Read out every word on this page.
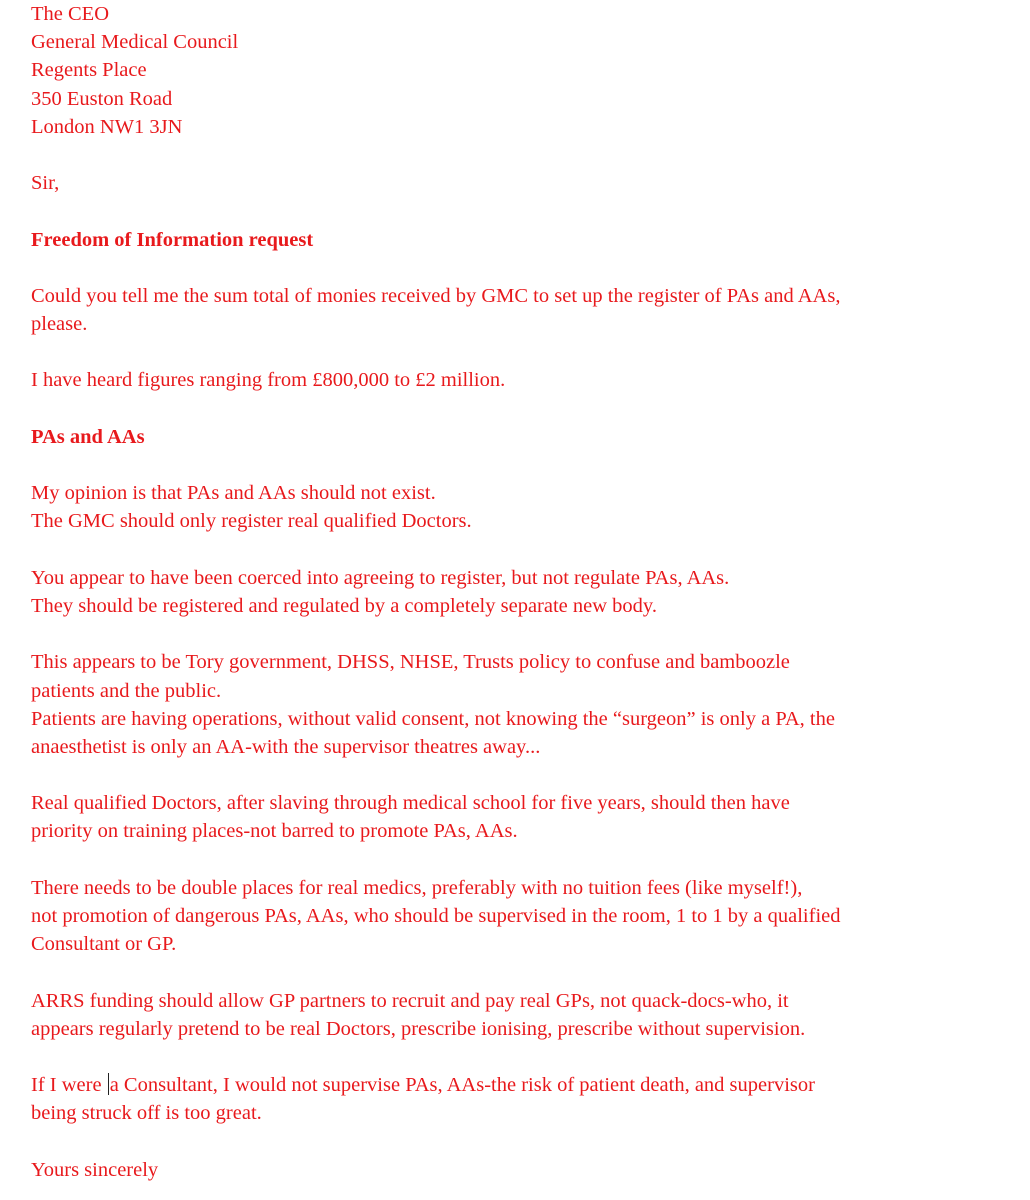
The CEO
General Medical Council
Regents Place
350 Euston Road
London NW1 3JN
Sir,
Freedom of Information request
Could you tell me the sum total of monies received by GMC to set up the register of PAs and AAs,
please.
I have heard figures ranging from £800,000 to £2 million.
PAs and AAs
My opinion is that PAs and AAs should not exist.
The GMC should only register real qualified Doctors.
You appear to have been coerced into agreeing to register, but not regulate PAs, AAs.
They should be registered and regulated by a completely separate new body.
This appears to be Tory government, DHSS, NHSE, Trusts policy to confuse and bamboozle
patients and the public.
Patients are having operations, without valid consent, not knowing the “surgeon” is only a PA, the
anaesthetist is only an AA-with the supervisor theatres away...
Real qualified Doctors, after slaving through medical school for five years, should then have
priority on training places-not barred to promote PAs, AAs.
There needs to be double places for real medics, preferably with no tuition fees (like myself!),
not promotion of dangerous PAs, AAs, who should be supervised in the room, 1 to 1 by a qualified
Consultant or GP.
ARRS funding should allow GP partners to recruit and pay real GPs, not quack-docs-who, it
appears regularly pretend to be real Doctors, prescribe ionising, prescribe without supervision.
If I were a Consultant, I would not supervise PAs, AAs-the risk of patient death, and supervisor
being struck off is too great.
Yours sincerely
